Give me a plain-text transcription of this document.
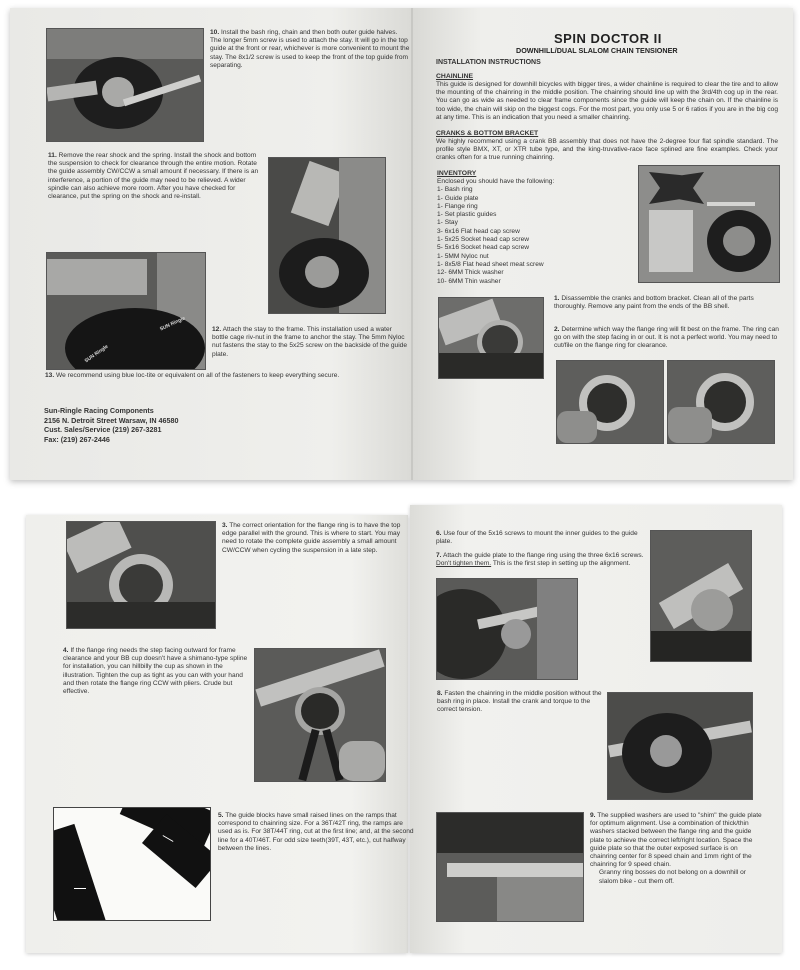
10. Install the bash ring, chain and then both outer guide halves. The longer 5mm screw is used to attach the stay. It will go in the top guide at the front or rear, whichever is more convenient to mount the stay. The 8x1/2 screw is used to keep the front of the top guide from separating.
11. Remove the rear shock and the spring. Install the shock and bottom the suspension to check for clearance through the entire motion. Rotate the guide assembly CW/CCW a small amount if necessary. If there is an interference, a portion of the guide may need to be relieved. A wider spindle can also achieve more room. After you have checked for clearance, put the spring on the shock and re-install.
SUN Ringle
SUN Ringle
12. Attach the stay to the frame. This installation used a water bottle cage riv-nut in the frame to anchor the stay. The 5mm Nyloc nut fastens the stay to the 5x25 screw on the backside of the guide plate.
13. We recommend using blue loc-tite or equivalent on all of the fasteners to keep everything secure.
Sun-Ringle Racing Components
2156 N. Detroit Street Warsaw, IN 46580
Cust. Sales/Service (219) 267-3281
Fax: (219) 267-2446
SPIN DOCTOR II
DOWNHILL/DUAL SLALOM CHAIN TENSIONER
INSTALLATION INSTRUCTIONS
CHAINLINE
This guide is designed for downhill bicycles with bigger tires, a wider chainline is required to clear the tire and to allow the mounting of the chainring in the middle position. The chainring should line up with the 3rd/4th cog up in the rear. You can go as wide as needed to clear frame components since the guide will keep the chain on. If the chainline is too wide, the chain will skip on the biggest cogs. For the most part, you only use 5 or 6 ratios if you are in the big cog at any time. This is an indication that you need a smaller chainring.
CRANKS & BOTTOM BRACKET
We highly recommend using a crank BB assembly that does not have the 2-degree four flat spindle standard. The profile style BMX, XT, or XTR tube type, and the king-truvative-race face splined are fine examples. Check your cranks often for a true running chainring.
INVENTORY
Enclosed you should have the following:
1- Bash ring
1- Guide plate
1- Flange ring
1- Set plastic guides
1- Stay
3- 6x16 Flat head cap screw
1- 5x25 Socket head cap screw
5- 5x16 Socket head cap screw
1- 5MM Nyloc nut
1- 8x5/8 Flat head sheet meat screw
12- 6MM Thick washer
10- 6MM Thin washer
1. Disassemble the cranks and bottom bracket. Clean all of the parts thoroughly. Remove any paint from the ends of the BB shell.
2. Determine which way the flange ring will fit best on the frame. The ring can go on with the step facing in or out. It is not a perfect world. You may need to cut/file on the flange ring for clearance.
3. The correct orientation for the flange ring is to have the top edge parallel with the ground. This is where to start. You may need to rotate the complete guide assembly a small amount CW/CCW when cycling the suspension in a late step.
4. If the flange ring needs the step facing outward for frame clearance and your BB cup doesn't have a shimano-type spline for installation, you can hillbilly the cup as shown in the illustration. Tighten the cup as tight as you can with your hand and then rotate the flange ring CCW with pliers. Crude but effective.
5. The guide blocks have small raised lines on the ramps that correspond to chainring size. For a 36T/42T ring, the ramps are used as is. For 38T/44T ring, cut at the first line; and, at the second line for a 40T/46T. For odd size teeth(39T, 43T, etc.), cut halfway between the lines.
6. Use four of the 5x16 screws to mount the inner guides to the guide plate.
7. Attach the guide plate to the flange ring using the three 6x16 screws. Don't tighten them. This is the first step in setting up the alignment.
8. Fasten the chainring in the middle position without the bash ring in place. Install the crank and torque to the correct tension.
9. The supplied washers are used to "shim" the guide plate for optimum alignment. Use a combination of thick/thin washers stacked between the flange ring and the guide plate to achieve the correct left/right location. Space the guide plate so that the outer exposed surface is on chainring center for 8 speed chain and 1mm right of the chainring for 9 speed chain.
Granny ring bosses do not belong on a downhill or slalom bike - cut them off.
